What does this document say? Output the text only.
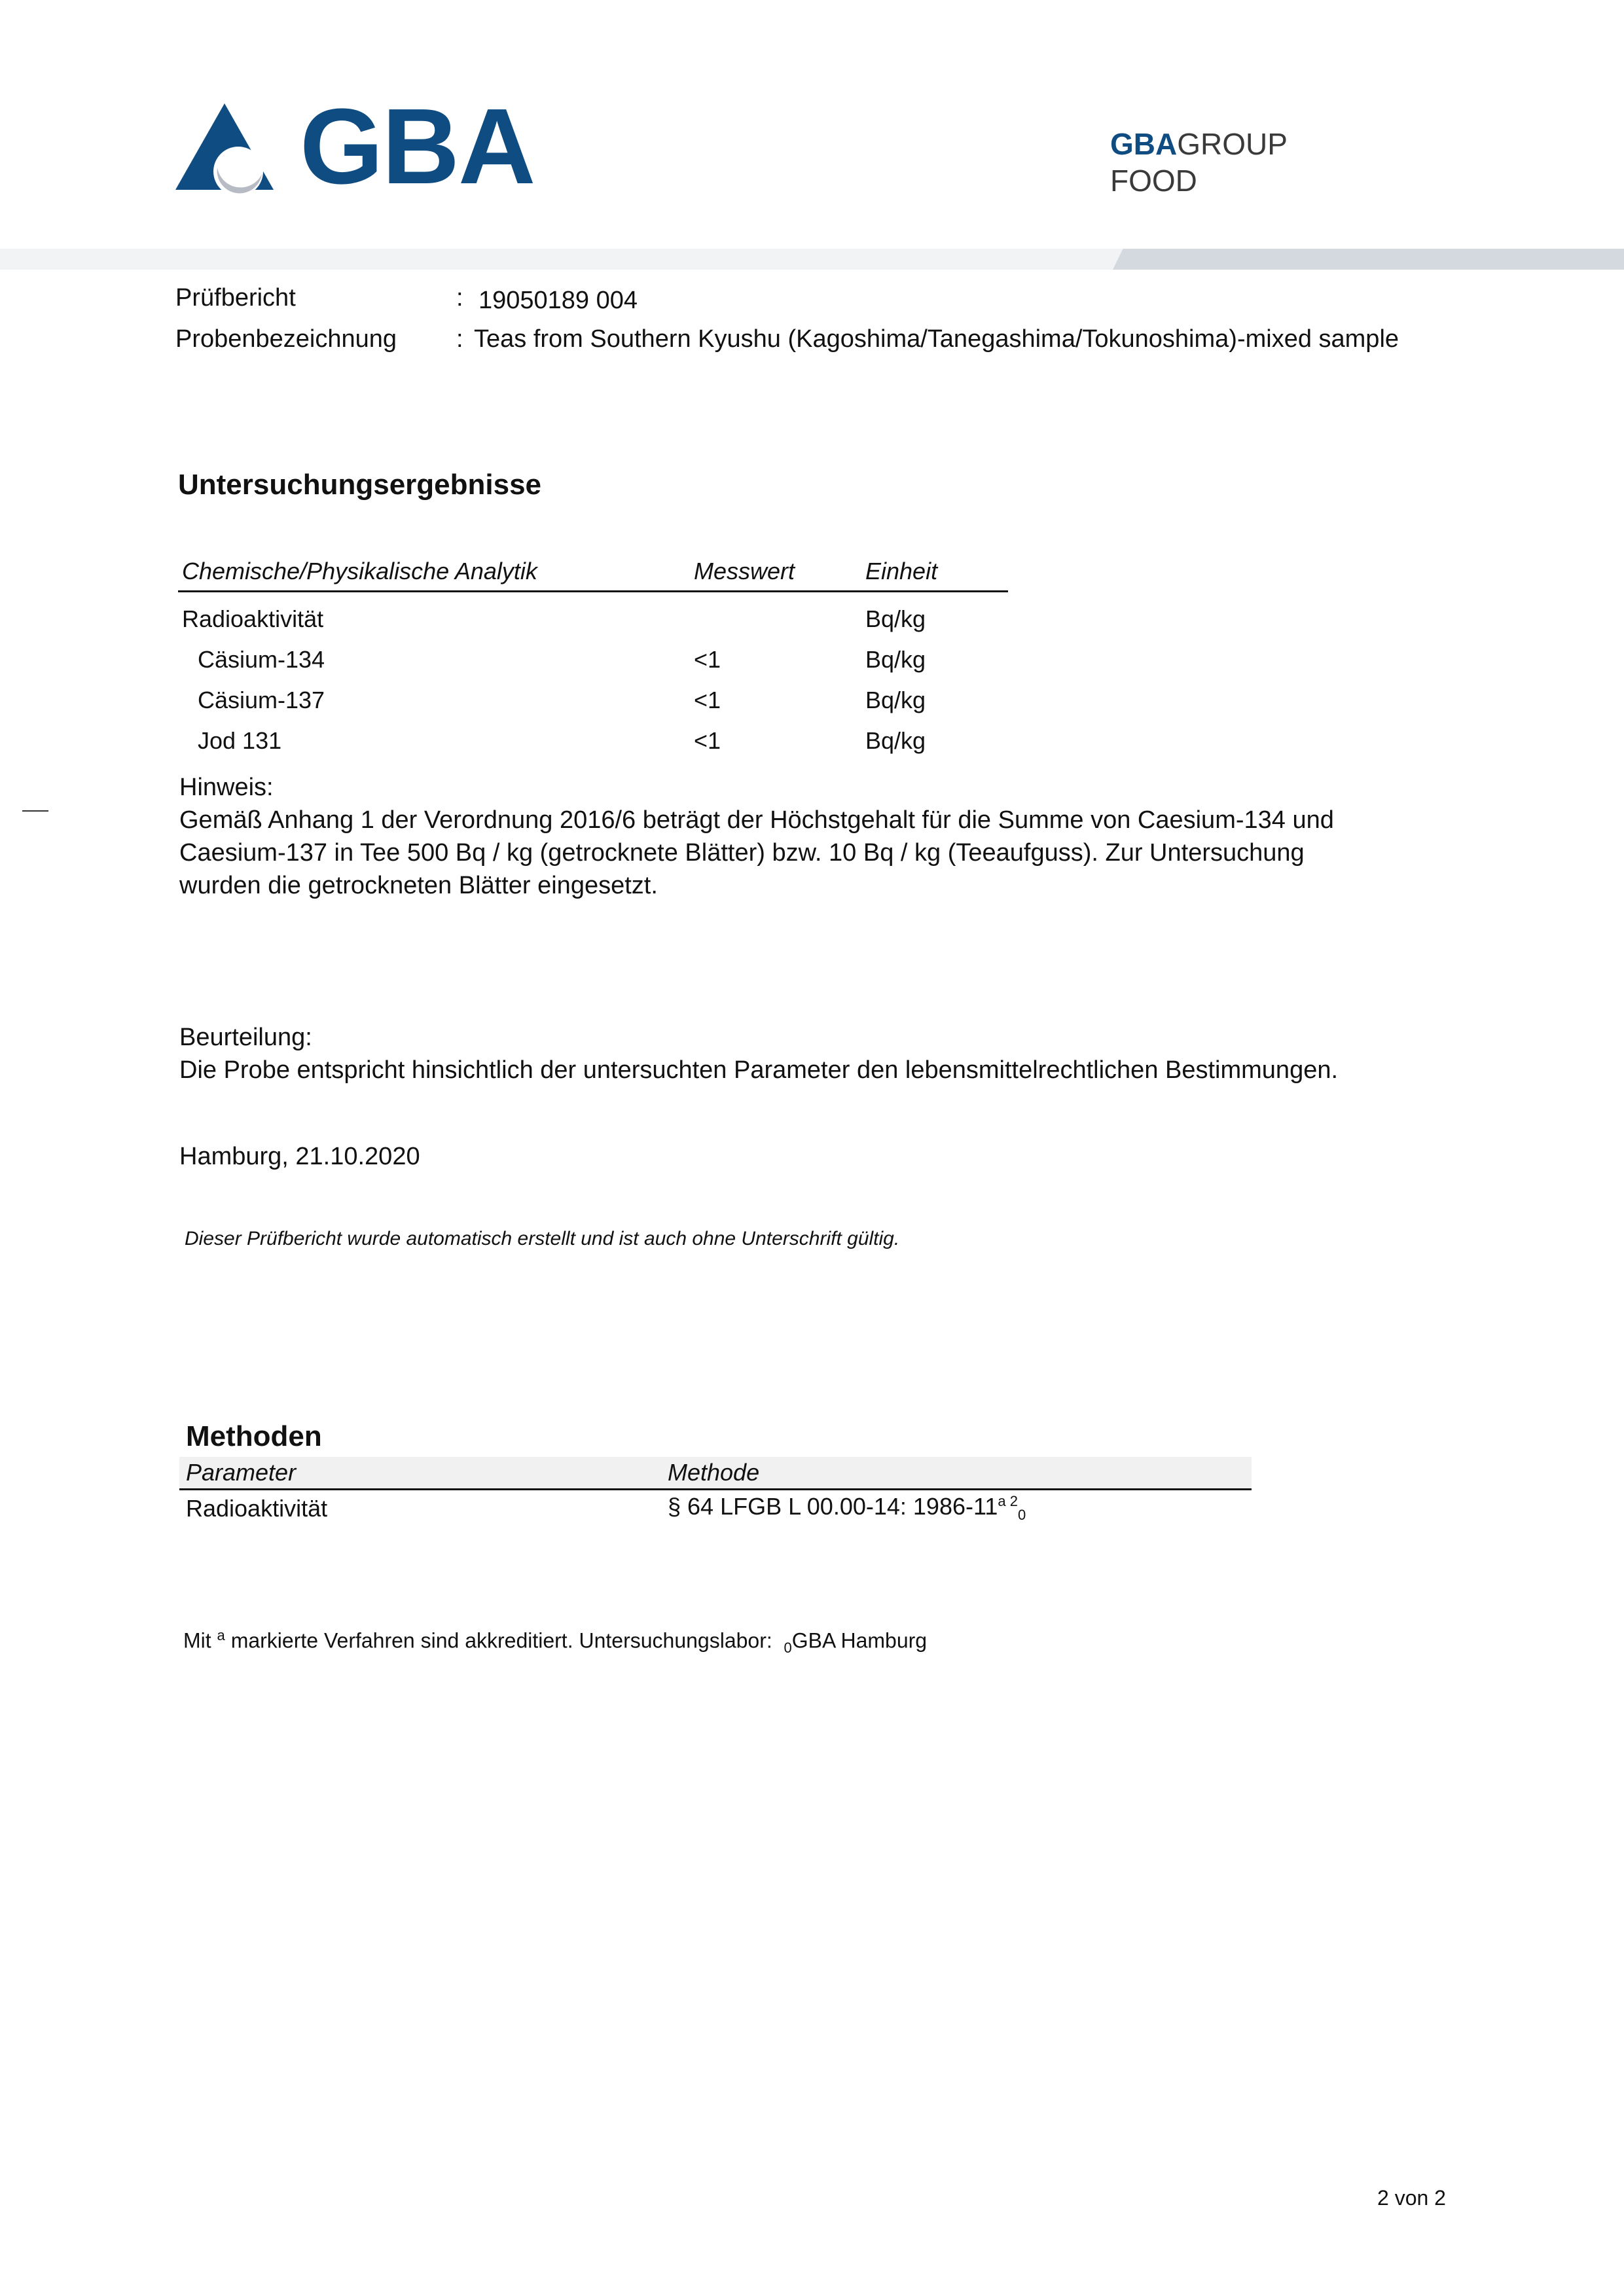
GBA	GBAGROUP
FOOD
Prüfbericht	: 19050189 004
Probenbezeichnung : Teas from Southern Kyushu (Kagoshima/Tanegashima/Tokunoshima)-mixed sample
Untersuchungsergebnisse
Chemische/Physikalische Analytik	Messwert	Einheit
Radioaktivität		Bq/kg
Cäsium-134	<1	Bq/kg
Cäsium-137	<1	Bq/kg
Jod 131	<1	Bq/kg
Hinweis:
Gemäß Anhang 1 der Verordnung 2016/6 beträgt der Höchstgehalt für die Summe von Caesium-134 und
Caesium-137 in Tee 500 Bq / kg (getrocknete Blätter) bzw. 10 Bq / kg (Teeaufguss). Zur Untersuchung
wurden die getrockneten Blätter eingesetzt.
Beurteilung:
Die Probe entspricht hinsichtlich der untersuchten Parameter den lebensmittelrechtlichen Bestimmungen.
Hamburg, 21.10.2020
Dieser Prüfbericht wurde automatisch erstellt und ist auch ohne Unterschrift gültig.
Methoden
Parameter	Methode
Radioaktivität	§ 64 LFGB L 00.00-14: $1986-11^{a 2}_0$
Mit $^a$ markierte Verfahren sind akkreditiert. Untersuchungslabor: $_0$GBA Hamburg
2 von 2
